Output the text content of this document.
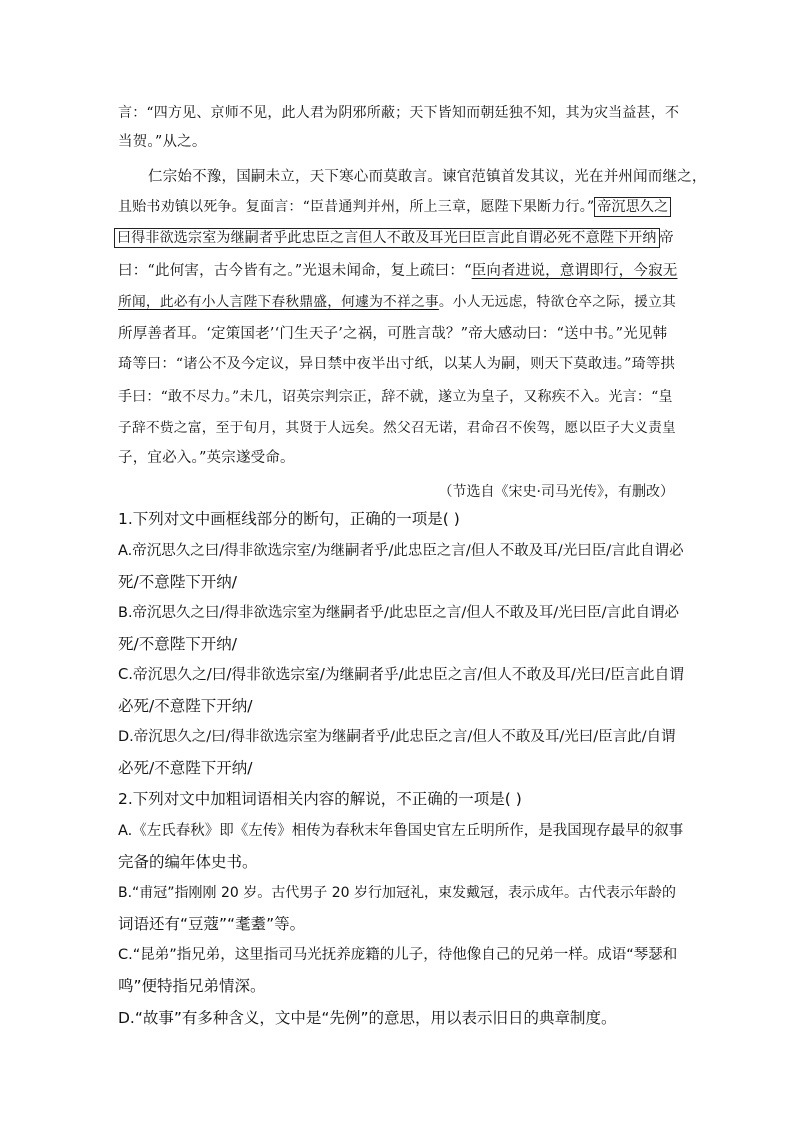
言：“四方见、京师不见，此人君为阴邪所蔽；天下皆知而朝廷独不知，其为灾当益甚，不
当贺。”从之。
仁宗始不豫，国嗣未立，天下寒心而莫敢言。谏官范镇首发其议，光在并州闻而继之，
且贻书劝镇以死争。复面言：“臣昔通判并州，所上三章，愿陛下果断力行。” 帝沉思久之
曰得非欲选宗室为继嗣者乎此忠臣之言但人不敢及耳光曰臣言此自谓必死不意陛下开纳 帝
曰：“此何害，古今皆有之。”光退未闻命，复上疏曰：“臣向者进说，意谓即行，今寂无
所闻，此必有小人言陛下春秋鼎盛，何遽为不祥之事。小人无远虑，特欲仓卒之际，援立其
所厚善者耳。‘定策国老’‘门生天子’之祸，可胜言哉？”帝大感动曰：“送中书。”光见韩
琦等曰：“诸公不及今定议，异日禁中夜半出寸纸，以某人为嗣，则天下莫敢违。”琦等拱
手曰：“敢不尽力。”未几，诏英宗判宗正，辞不就，遂立为皇子，又称疾不入。光言：“皇
子辞不赀之富，至于旬月，其贤于人远矣。然父召无诺，君命召不俟驾，愿以臣子大义责皇
子，宜必入。”英宗遂受命。
（节选自《宋史·司马光传》，有删改）
1.下列对文中画框线部分的断句，正确的一项是( )
A.帝沉思久之曰/得非欲选宗室/为继嗣者乎/此忠臣之言/但人不敢及耳/光曰臣/言此自谓必
死/不意陛下开纳/
B.帝沉思久之曰/得非欲选宗室为继嗣者乎/此忠臣之言/但人不敢及耳/光曰臣/言此自谓必
死/不意陛下开纳/
C.帝沉思久之/曰/得非欲选宗室/为继嗣者乎/此忠臣之言/但人不敢及耳/光曰/臣言此自谓
必死/不意陛下开纳/
D.帝沉思久之/曰/得非欲选宗室为继嗣者乎/此忠臣之言/但人不敢及耳/光曰/臣言此/自谓
必死/不意陛下开纳/
2.下列对文中加粗词语相关内容的解说，不正确的一项是( )
A.《左氏春秋》即《左传》相传为春秋末年鲁国史官左丘明所作，是我国现存最早的叙事
完备的编年体史书。
B.“甫冠”指刚刚 20 岁。古代男子 20 岁行加冠礼，束发戴冠，表示成年。古代表示年龄的
词语还有“豆蔻”“耄耋”等。
C.“昆弟”指兄弟，这里指司马光抚养庞籍的儿子，待他像自己的兄弟一样。成语“琴瑟和
鸣”便特指兄弟情深。
D.“故事”有多种含义，文中是“先例”的意思，用以表示旧日的典章制度。
